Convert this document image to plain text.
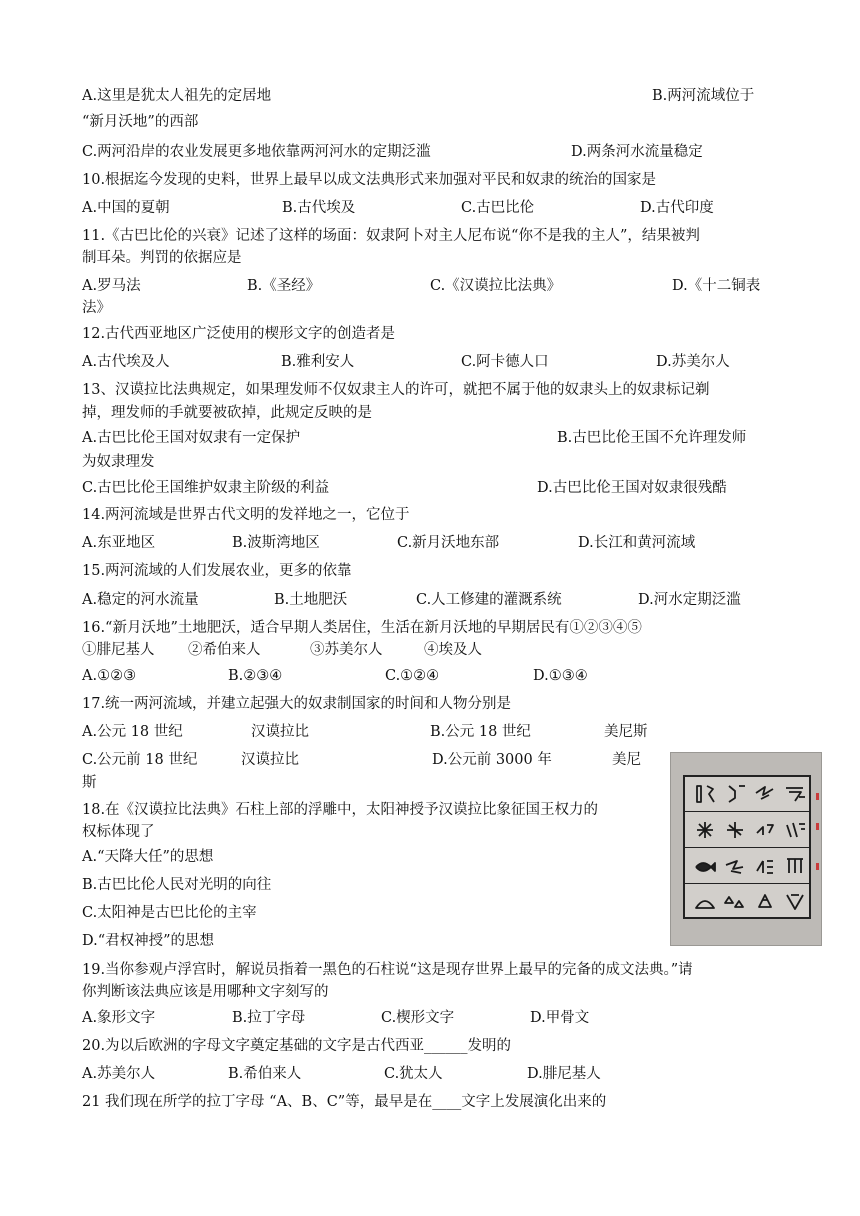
A.这里是犹太人祖先的定居地	B.两河流域位于
“新月沃地”的西部
C.两河沿岸的农业发展更多地依靠两河河水的定期泛滥	D.两条河水流量稳定
10.根据迄今发现的史料，世界上最早以成文法典形式来加强对平民和奴隶的统治的国家是
A.中国的夏朝	B.古代埃及	C.古巴比伦	D.古代印度
11.《古巴比伦的兴衰》记述了这样的场面：奴隶阿卜对主人尼布说“你不是我的主人”，结果被判
制耳朵。判罚的依据应是
A.罗马法	B.《圣经》	C.《汉谟拉比法典》	D.《十二铜表
法》
12.古代西亚地区广泛使用的楔形文字的创造者是
A.古代埃及人	B.雅利安人	C.阿卡德人口	D.苏美尔人
13、汉谟拉比法典规定，如果理发师不仅奴隶主人的许可，就把不属于他的奴隶头上的奴隶标记剃
掉，理发师的手就要被砍掉，此规定反映的是
A.古巴比伦王国对奴隶有一定保护	B.古巴比伦王国不允许理发师
为奴隶理发
C.古巴比伦王国维护奴隶主阶级的利益	D.古巴比伦王国对奴隶很残酷
14.两河流域是世界古代文明的发祥地之一，它位于
A.东亚地区	B.波斯湾地区	C.新月沃地东部	D.长江和黄河流域
15.两河流域的人们发展农业，更多的依靠
A.稳定的河水流量	B.土地肥沃	C.人工修建的灌溉系统	D.河水定期泛滥
16.“新月沃地”土地肥沃，适合早期人类居住，生活在新月沃地的早期居民有①②③④⑤
①腓尼基人 ②希伯来人	③苏美尔人	④埃及人
A.①②③	B.②③④	C.①②④	D.①③④
17.统一两河流域，并建立起强大的奴隶制国家的时间和人物分别是
A.公元 18 世纪	汉谟拉比	B.公元 18 世纪	美尼斯
C.公元前 18 世纪	汉谟拉比	D.公元前 3000 年	美尼
斯
18.在《汉谟拉比法典》石柱上部的浮雕中，太阳神授予汉谟拉比象征国王权力的
权标体现了
A.“天降大任”的思想
B.古巴比伦人民对光明的向往
C.太阳神是古巴比伦的主宰
D.“君权神授”的思想
19.当你参观卢浮宫时，解说员指着一黑色的石柱说“这是现存世界上最早的完备的成文法典。”请
你判断该法典应该是用哪种文字刻写的
A.象形文字	B.拉丁字母	C.楔形文字	D.甲骨文
20.为以后欧洲的字母文字奠定基础的文字是古代西亚______发明的
A.苏美尔人	B.希伯来人	C.犹太人	D.腓尼基人
21 我们现在所学的拉丁字母 “A、B、C”等，最早是在____文字上发展演化出来的
